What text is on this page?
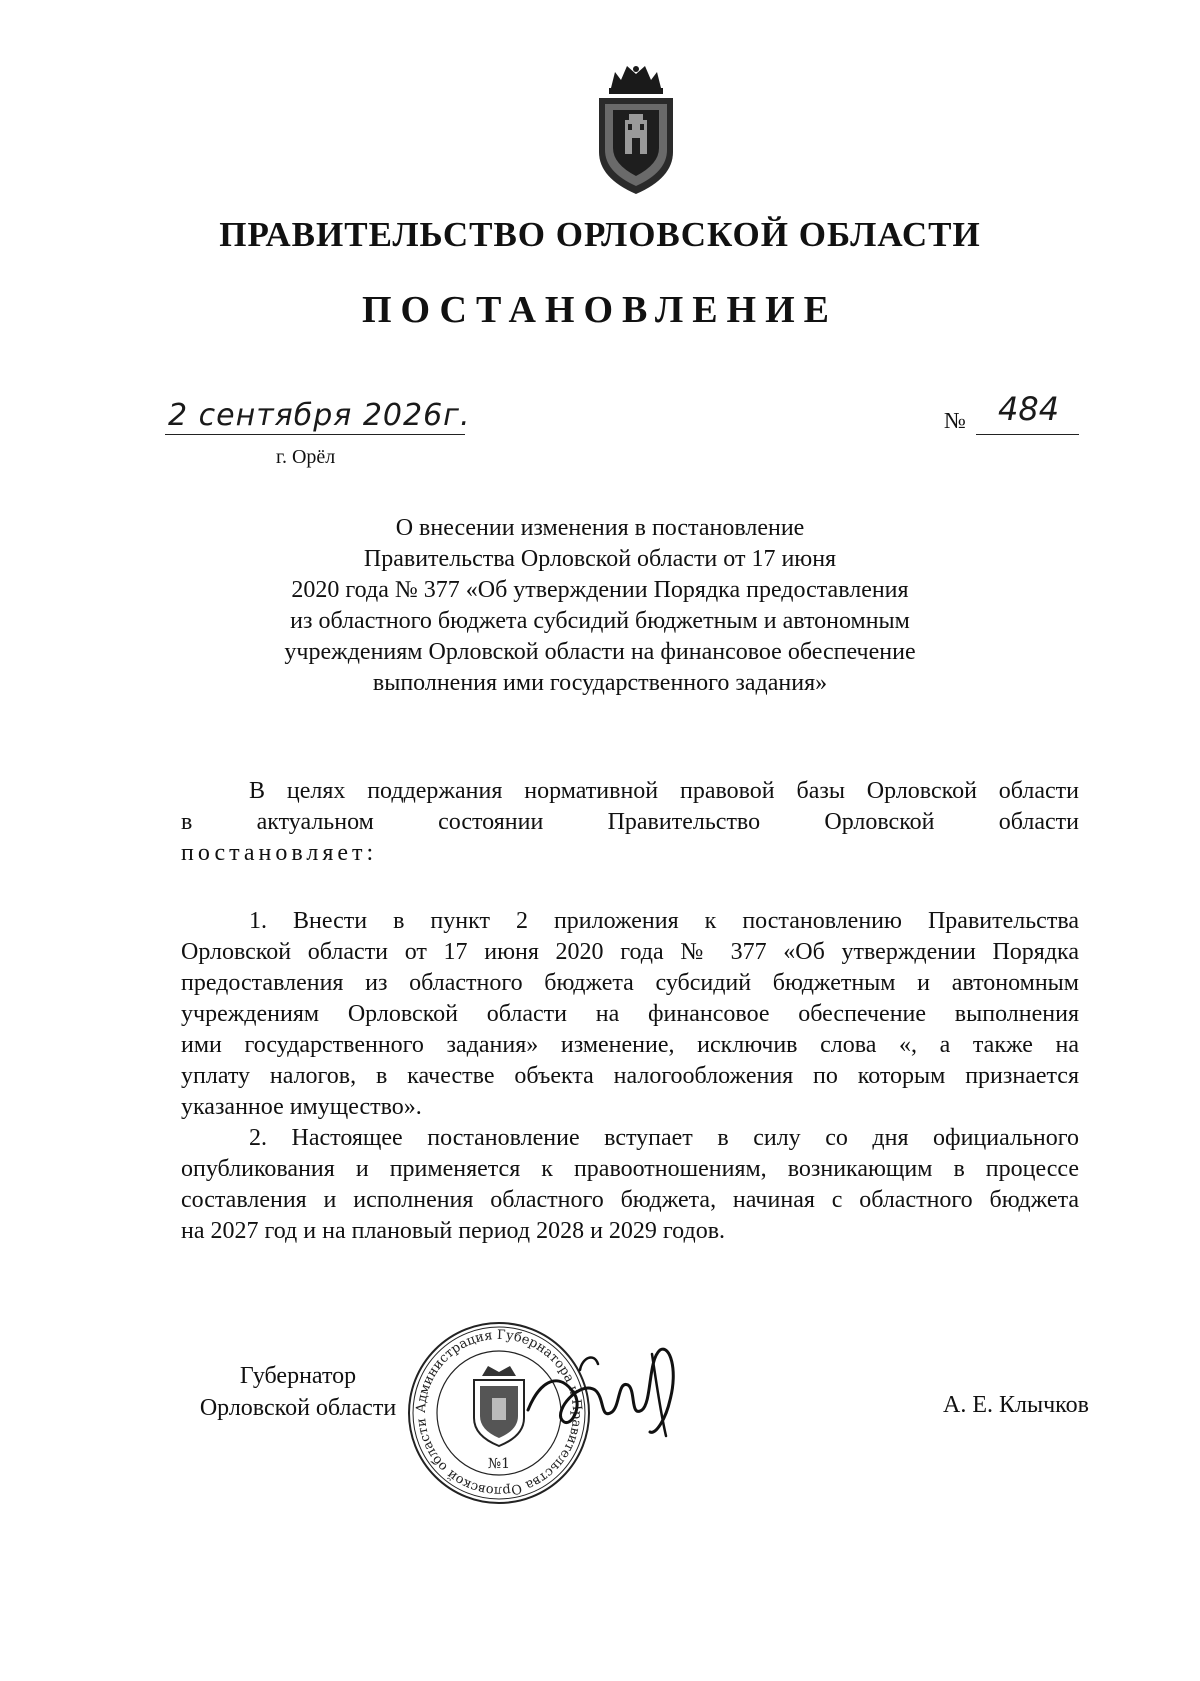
ПРАВИТЕЛЬСТВО ОРЛОВСКОЙ ОБЛАСТИ
ПОСТАНОВЛЕНИЕ
2 сентября 2026г.
г. Орёл
№ 484
О внесении изменения в постановление
Правительства Орловской области от 17 июня
2020 года № 377 «Об утверждении Порядка предоставления
из областного бюджета субсидий бюджетным и автономным
учреждениям Орловской области на финансовое обеспечение
выполнения ими государственного задания»
В целях поддержания нормативной правовой базы Орловской области
в актуальном состоянии Правительство Орловской области
постановляет:
1. Внести в пункт 2 приложения к постановлению Правительства
Орловской области от 17 июня 2020 года № 377 «Об утверждении Порядка
предоставления из областного бюджета субсидий бюджетным и автономным
учреждениям Орловской области на финансовое обеспечение выполнения
ими государственного задания» изменение, исключив слова «, а также на
уплату налогов, в качестве объекта налогообложения по которым признается
указанное имущество».
2. Настоящее постановление вступает в силу со дня официального
опубликования и применяется к правоотношениям, возникающим в процессе
составления и исполнения областного бюджета, начиная с областного бюджета
на 2027 год и на плановый период 2028 и 2029 годов.
Губернатор
Орловской области	А. Е. Клычков
Администрация Губернатора и Правительства Орловской области
№1
